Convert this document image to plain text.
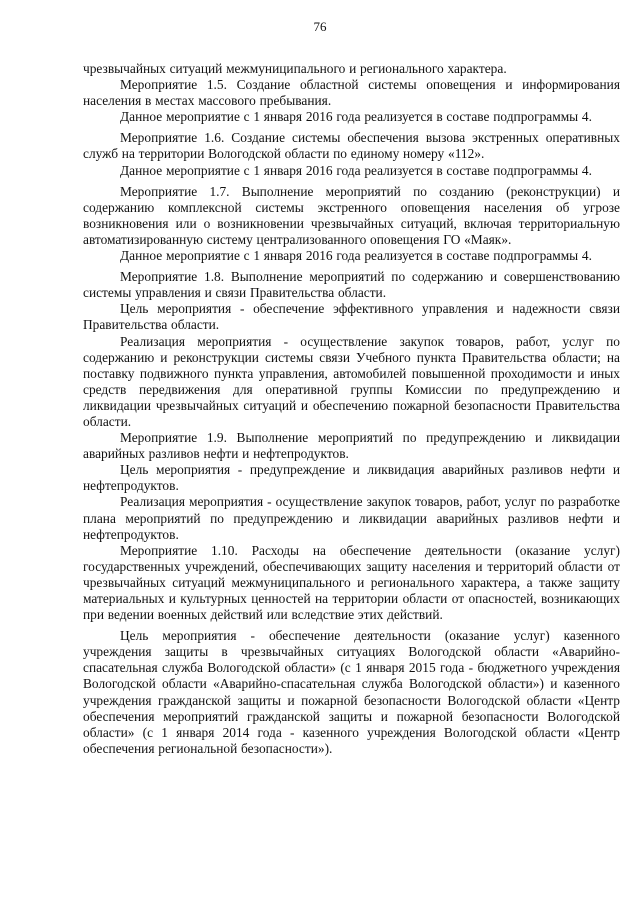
76

чрезвычайных ситуаций межмуниципального и регионального характера.

Мероприятие 1.5. Создание областной системы оповещения и информирования населения в местах массового пребывания.

Данное мероприятие с 1 января 2016 года реализуется в составе подпрограммы 4.

Мероприятие 1.6. Создание системы обеспечения вызова экстренных оперативных служб на территории Вологодской области по единому номеру «112».

Данное мероприятие с 1 января 2016 года реализуется в составе подпрограммы 4.

Мероприятие 1.7. Выполнение мероприятий по созданию (реконструкции) и содержанию комплексной системы экстренного оповещения населения об угрозе возникновения или о возникновении чрезвычайных ситуаций, включая территориальную автоматизированную систему централизованного оповещения ГО «Маяк».

Данное мероприятие с 1 января 2016 года реализуется в составе подпрограммы 4.

Мероприятие 1.8. Выполнение мероприятий по содержанию и совершенствованию системы управления и связи Правительства области.

Цель мероприятия - обеспечение эффективного управления и надежности связи Правительства области.

Реализация мероприятия - осуществление закупок товаров, работ, услуг по содержанию и реконструкции системы связи Учебного пункта Правительства области; на поставку подвижного пункта управления, автомобилей повышенной проходимости и иных средств передвижения для оперативной группы Комиссии по предупреждению и ликвидации чрезвычайных ситуаций и обеспечению пожарной безопасности Правительства области.

Мероприятие 1.9. Выполнение мероприятий по предупреждению и ликвидации аварийных разливов нефти и нефтепродуктов.

Цель мероприятия - предупреждение и ликвидация аварийных разливов нефти и нефтепродуктов.

Реализация мероприятия - осуществление закупок товаров, работ, услуг по разработке плана мероприятий по предупреждению и ликвидации аварийных разливов нефти и нефтепродуктов.

Мероприятие 1.10. Расходы на обеспечение деятельности (оказание услуг) государственных учреждений, обеспечивающих защиту населения и территорий области от чрезвычайных ситуаций межмуниципального и регионального характера, а также защиту материальных и культурных ценностей на территории области от опасностей, возникающих при ведении военных действий или вследствие этих действий.

Цель мероприятия - обеспечение деятельности (оказание услуг) казенного учреждения защиты в чрезвычайных ситуациях Вологодской области «Аварийно-спасательная служба Вологодской области» (с 1 января 2015 года - бюджетного учреждения Вологодской области «Аварийно-спасательная служба Вологодской области») и казенного учреждения гражданской защиты и пожарной безопасности Вологодской области «Центр обеспечения мероприятий гражданской защиты и пожарной безопасности Вологодской области» (с 1 января 2014 года - казенного учреждения Вологодской области «Центр обеспечения региональной безопасности»).
